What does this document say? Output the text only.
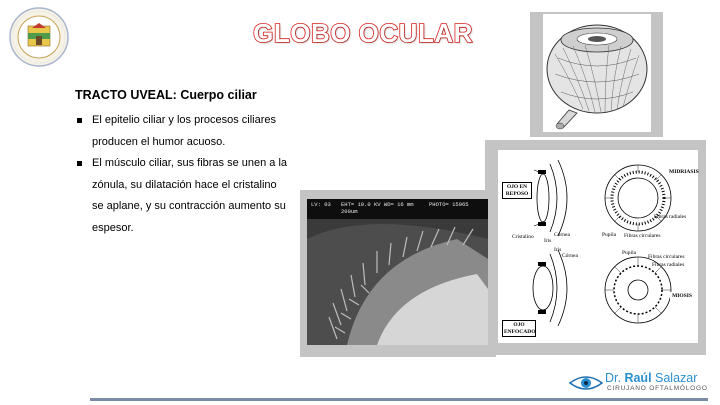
GLOBO OCULAR
TRACTO UVEAL: Cuerpo ciliar
El epitelio ciliar y los procesos ciliares producen el humor acuoso.
El músculo ciliar, sus fibras se unen a la zónula, su dilatación hace el cristalino se aplane, y su contracción aumento su espesor.
OJO EN REPOSO
OJO ENFOCADO
MIDRIASIS
MIOSIS
Cristalino
Iris
Córnea
Iris
Córnea
Pupila Fibras circulares
Fibras radiales
Pupila
Fibras circulares
Fibras radiales
LV: 03 EHT= 10.0 KV WD= 16 mm	PHOTO= 15965
200um
Dr. Raúl Salazar
CIRUJANO OFTALMÓLOGO
